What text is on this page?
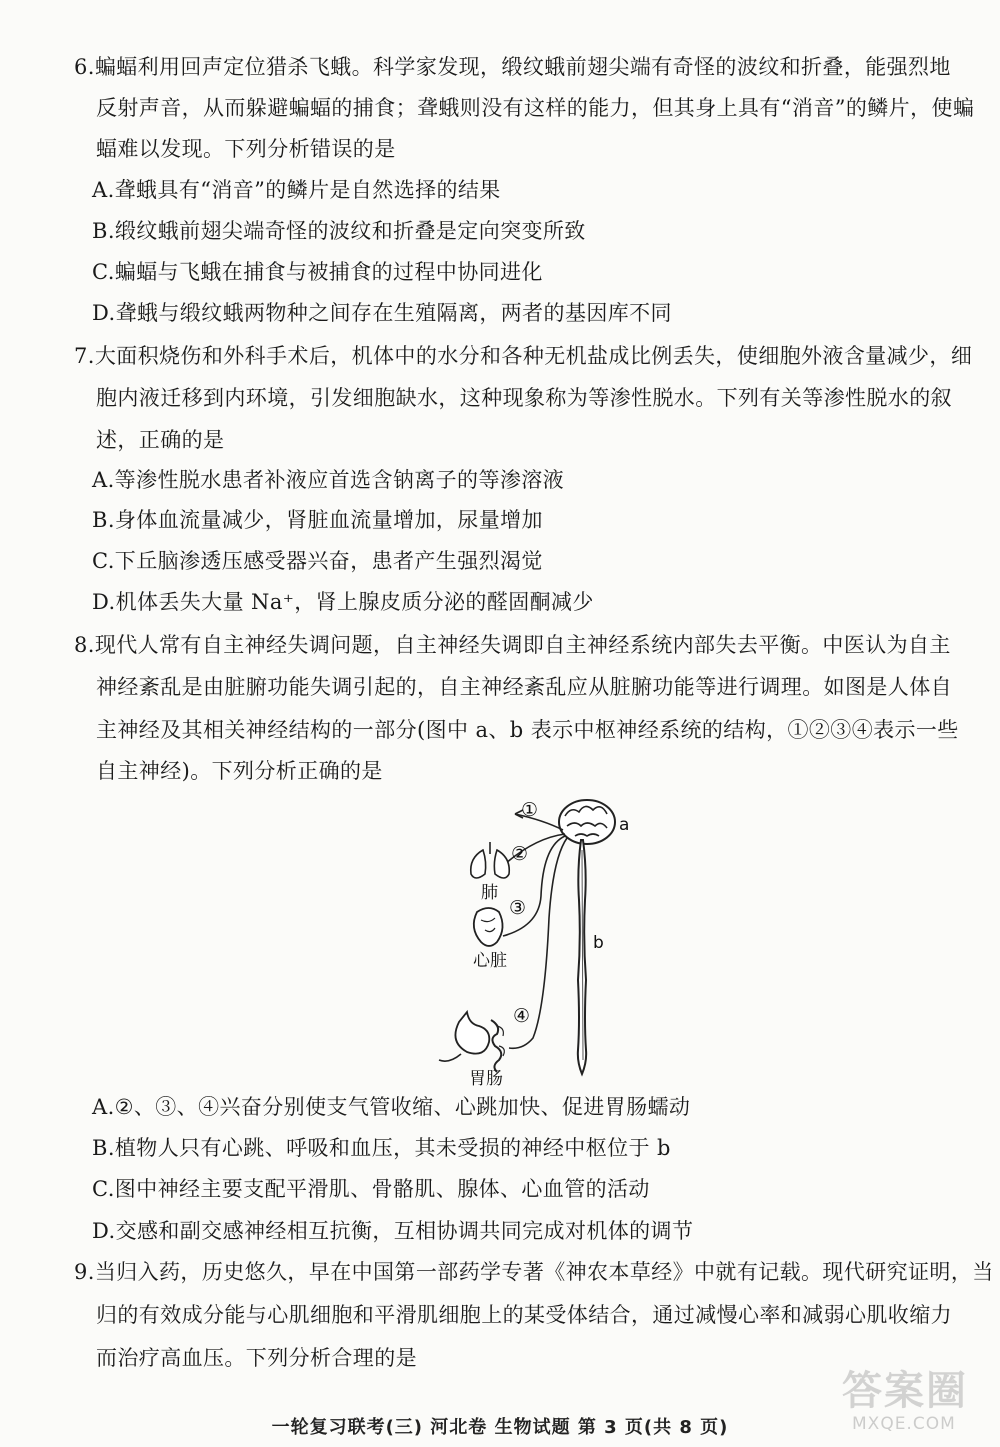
6.蝙蝠利用回声定位猎杀飞蛾。科学家发现，缎纹蛾前翅尖端有奇怪的波纹和折叠，能强烈地
反射声音，从而躲避蝙蝠的捕食；聋蛾则没有这样的能力，但其身上具有“消音”的鳞片，使蝙
蝠难以发现。下列分析错误的是
A.聋蛾具有“消音”的鳞片是自然选择的结果
B.缎纹蛾前翅尖端奇怪的波纹和折叠是定向突变所致
C.蝙蝠与飞蛾在捕食与被捕食的过程中协同进化
D.聋蛾与缎纹蛾两物种之间存在生殖隔离，两者的基因库不同
7.大面积烧伤和外科手术后，机体中的水分和各种无机盐成比例丢失，使细胞外液含量减少，细
胞内液迁移到内环境，引发细胞缺水，这种现象称为等渗性脱水。下列有关等渗性脱水的叙
述，正确的是
A.等渗性脱水患者补液应首选含钠离子的等渗溶液
B.身体血流量减少，肾脏血流量增加，尿量增加
C.下丘脑渗透压感受器兴奋，患者产生强烈渴觉
D.机体丢失大量 Na⁺，肾上腺皮质分泌的醛固酮减少
8.现代人常有自主神经失调问题，自主神经失调即自主神经系统内部失去平衡。中医认为自主
神经紊乱是由脏腑功能失调引起的，自主神经紊乱应从脏腑功能等进行调理。如图是人体自
主神经及其相关神经结构的一部分(图中 a、b 表示中枢神经系统的结构，①②③④表示一些
自主神经)。下列分析正确的是
①
②
③
④
a
b
肺
心脏
胃肠
A.②、③、④兴奋分别使支气管收缩、心跳加快、促进胃肠蠕动
B.植物人只有心跳、呼吸和血压，其未受损的神经中枢位于 b
C.图中神经主要支配平滑肌、骨骼肌、腺体、心血管的活动
D.交感和副交感神经相互抗衡，互相协调共同完成对机体的调节
9.当归入药，历史悠久，早在中国第一部药学专著《神农本草经》中就有记载。现代研究证明，当
归的有效成分能与心肌细胞和平滑肌细胞上的某受体结合，通过减慢心率和减弱心肌收缩力
而治疗高血压。下列分析合理的是
一轮复习联考(三) 河北卷 生物试题 第 3 页(共 8 页)
答案圈
MXQE.COM
